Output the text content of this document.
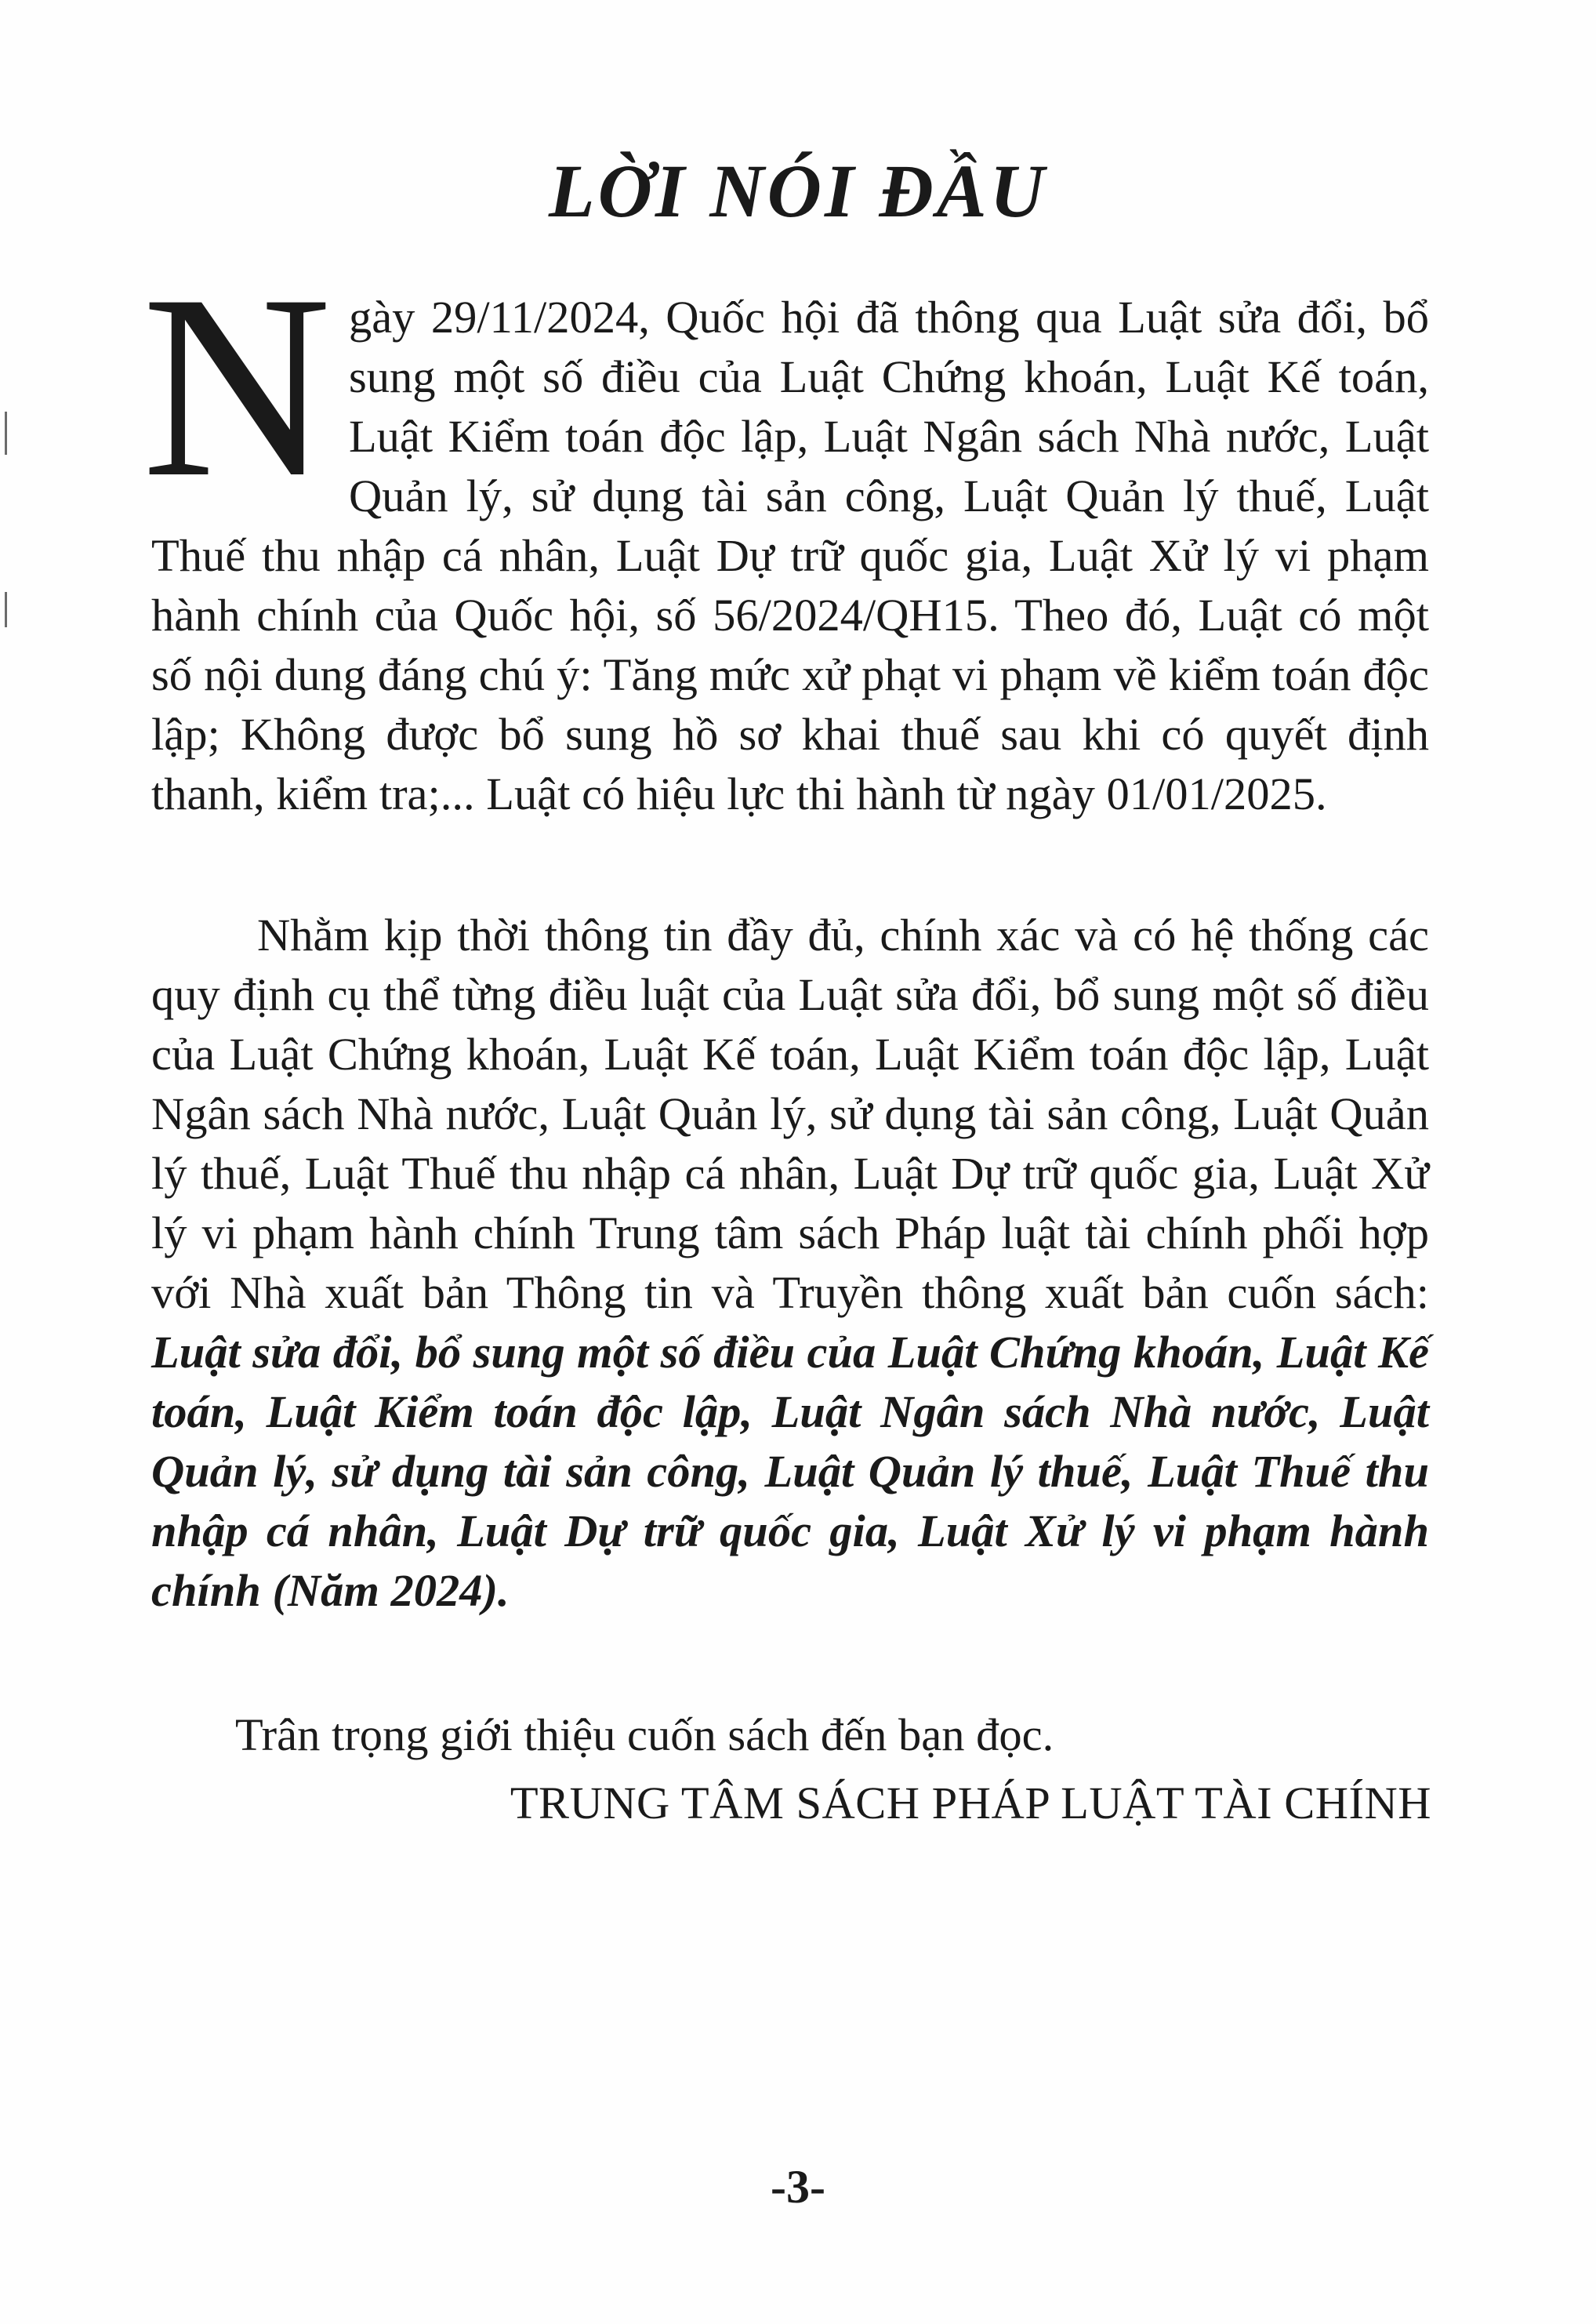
LỜI NÓI ĐẦU

Ngày 29/11/2024, Quốc hội đã thông qua Luật sửa đổi, bổ sung một số điều của Luật Chứng khoán, Luật Kế toán, Luật Kiểm toán độc lập, Luật Ngân sách Nhà nước, Luật Quản lý, sử dụng tài sản công, Luật Quản lý thuế, Luật Thuế thu nhập cá nhân, Luật Dự trữ quốc gia, Luật Xử lý vi phạm hành chính của Quốc hội, số 56/2024/QH15. Theo đó, Luật có một số nội dung đáng chú ý: Tăng mức xử phạt vi phạm về kiểm toán độc lập; Không được bổ sung hồ sơ khai thuế sau khi có quyết định thanh, kiểm tra;... Luật có hiệu lực thi hành từ ngày 01/01/2025.

Nhằm kịp thời thông tin đầy đủ, chính xác và có hệ thống các quy định cụ thể từng điều luật của Luật sửa đổi, bổ sung một số điều của Luật Chứng khoán, Luật Kế toán, Luật Kiểm toán độc lập, Luật Ngân sách Nhà nước, Luật Quản lý, sử dụng tài sản công, Luật Quản lý thuế, Luật Thuế thu nhập cá nhân, Luật Dự trữ quốc gia, Luật Xử lý vi phạm hành chính Trung tâm sách Pháp luật tài chính phối hợp với Nhà xuất bản Thông tin và Truyền thông xuất bản cuốn sách: Luật sửa đổi, bổ sung một số điều của Luật Chứng khoán, Luật Kế toán, Luật Kiểm toán độc lập, Luật Ngân sách Nhà nước, Luật Quản lý, sử dụng tài sản công, Luật Quản lý thuế, Luật Thuế thu nhập cá nhân, Luật Dự trữ quốc gia, Luật Xử lý vi phạm hành chính (Năm 2024).

Trân trọng giới thiệu cuốn sách đến bạn đọc.

TRUNG TÂM SÁCH PHÁP LUẬT TÀI CHÍNH

-3-
